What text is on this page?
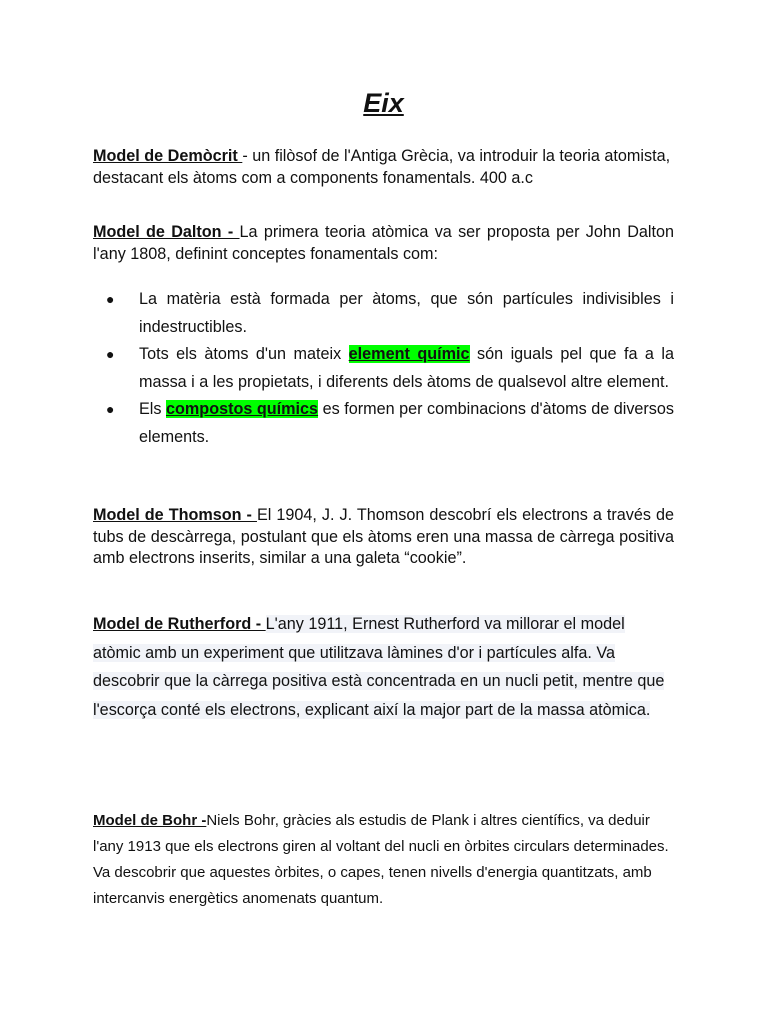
Eix

Model de Demòcrit - un filòsof de l'Antiga Grècia, va introduir la teoria atomista, destacant els àtoms com a components fonamentals. 400 a.c

Model de Dalton - La primera teoria atòmica va ser proposta per John Dalton l'any 1808, definint conceptes fonamentals com:

● La matèria està formada per àtoms, que són partícules indivisibles i indestructibles.
● Tots els àtoms d'un mateix element químic són iguals pel que fa a la massa i a les propietats, i diferents dels àtoms de qualsevol altre element.
● Els compostos químics es formen per combinacions d'àtoms de diversos elements.

Model de Thomson - El 1904, J. J. Thomson descobrí els electrons a través de tubs de descàrrega, postulant que els àtoms eren una massa de càrrega positiva amb electrons inserits, similar a una galeta “cookie”.

Model de Rutherford - L'any 1911, Ernest Rutherford va millorar el model atòmic amb un experiment que utilitzava làmines d'or i partícules alfa. Va descobrir que la càrrega positiva està concentrada en un nucli petit, mentre que l'escorça conté els electrons, explicant així la major part de la massa atòmica.

Model de Bohr -Niels Bohr, gràcies als estudis de Plank i altres científics, va deduir l'any 1913 que els electrons giren al voltant del nucli en òrbites circulars determinades. Va descobrir que aquestes òrbites, o capes, tenen nivells d'energia quantitzats, amb intercanvis energètics anomenats quantum.
